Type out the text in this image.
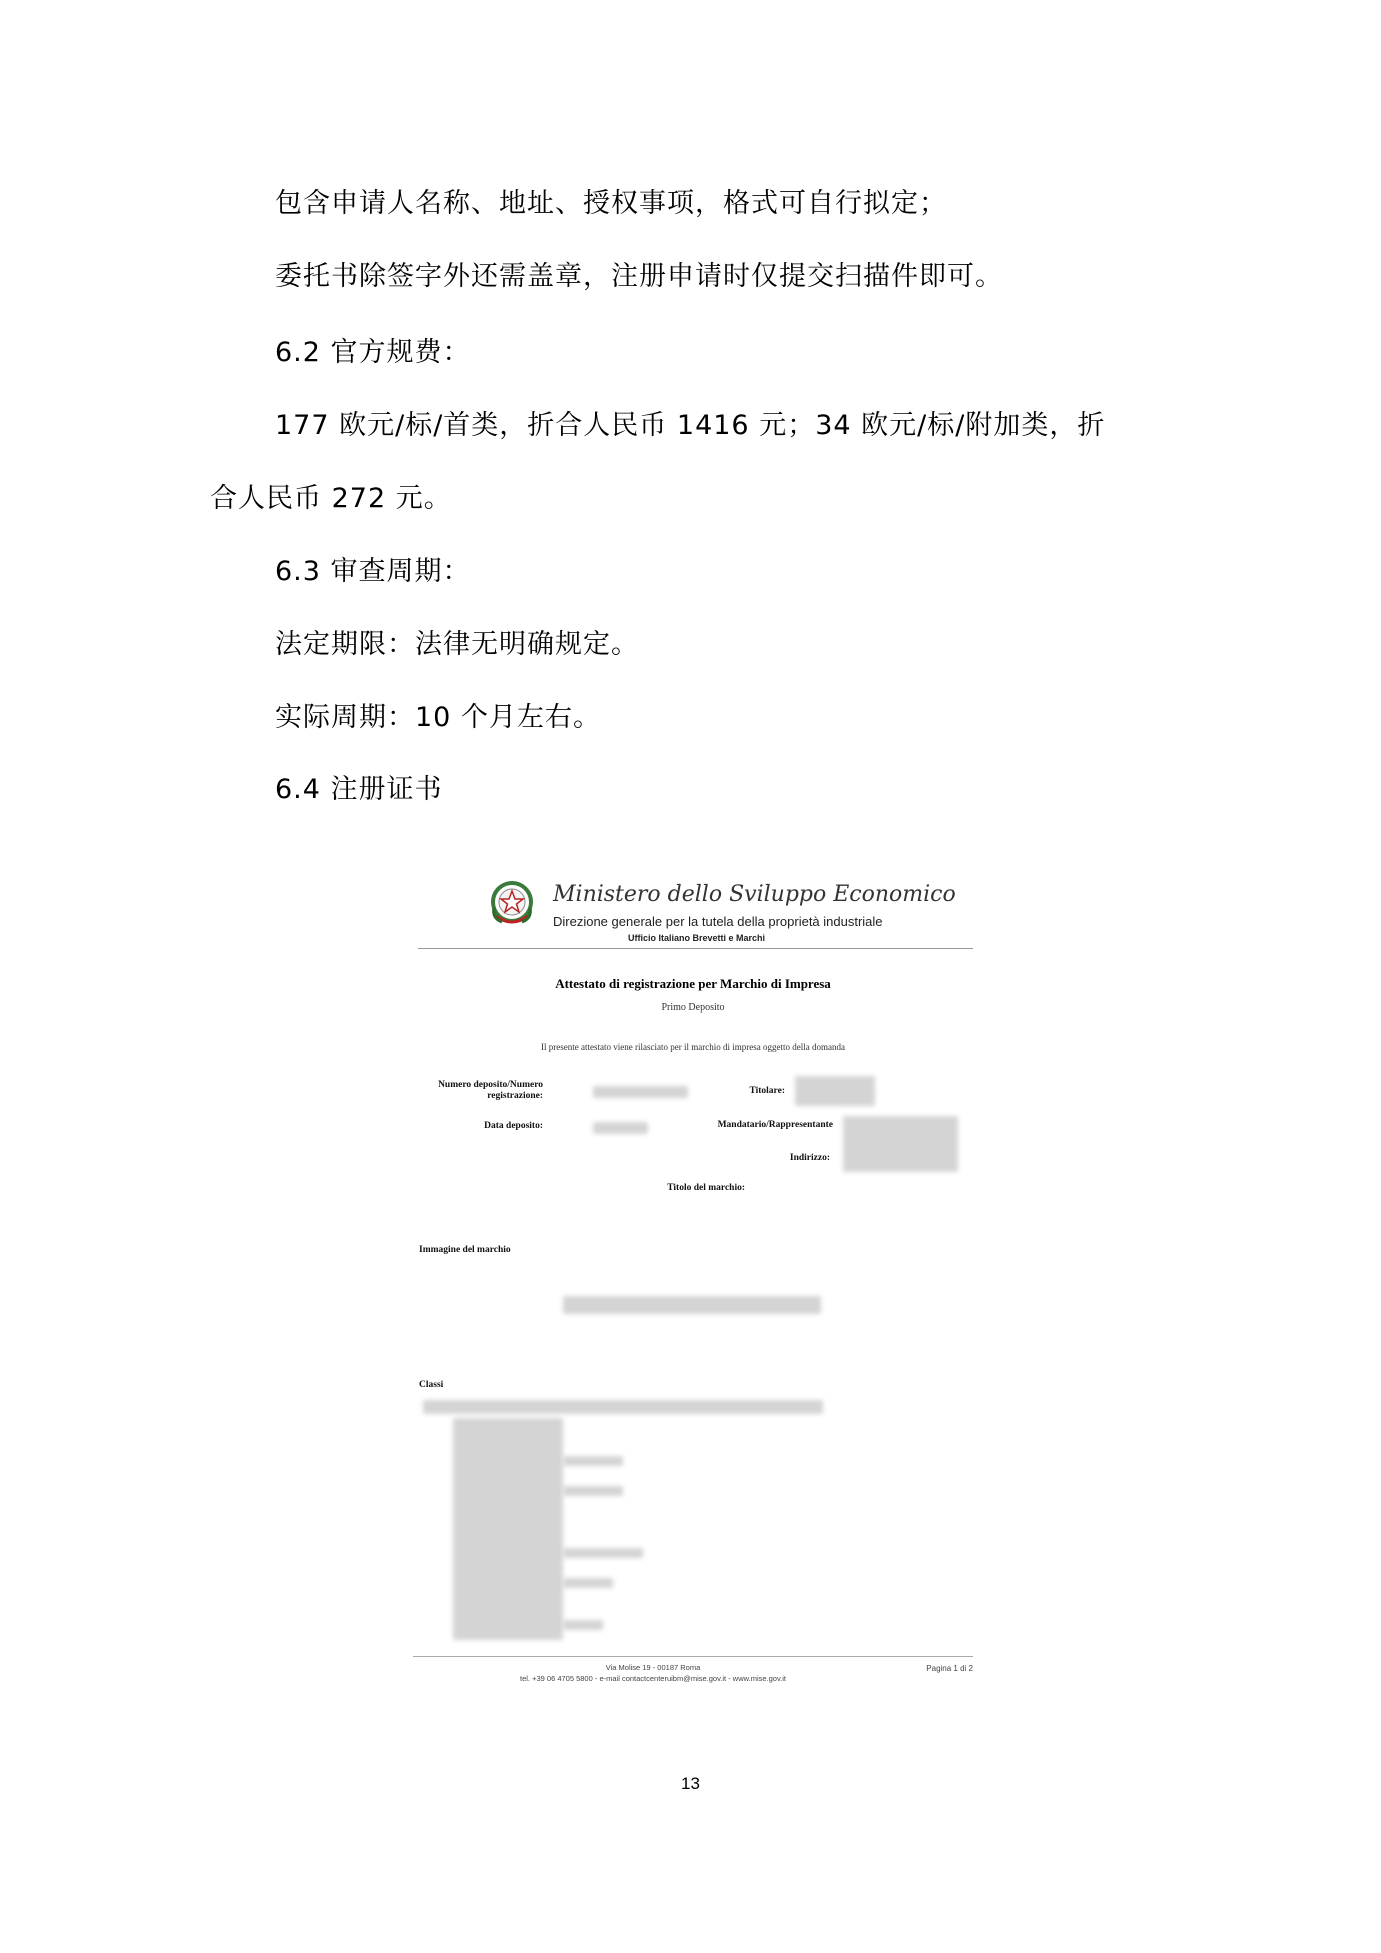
包含申请人名称、地址、授权事项，格式可自行拟定；
委托书除签字外还需盖章，注册申请时仅提交扫描件即可。
6.2 官方规费：
177 欧元/标/首类，折合人民币 1416 元；34 欧元/标/附加类，折
合人民币 272 元。
6.3 审查周期：
法定期限：法律无明确规定。
实际周期：10 个月左右。
6.4 注册证书
Ministero dello Sviluppo Economico
Direzione generale per la tutela della proprietà industriale
Ufficio Italiano Brevetti e Marchi
Attestato di registrazione per Marchio di Impresa
Primo Deposito
Il presente attestato viene rilasciato per il marchio di impresa oggetto della domanda
Numero deposito/Numero
registrazione:	Titolare:
Data deposito:	Mandatario/Rappresentante
Indirizzo:
Titolo del marchio:
Immagine del marchio
Classi
Via Molise 19 - 00187 Roma
tel. +39 06 4705 5800 - e-mail contactcenteruibm@mise.gov.it - www.mise.gov.it
Pagina 1 di 2
13
